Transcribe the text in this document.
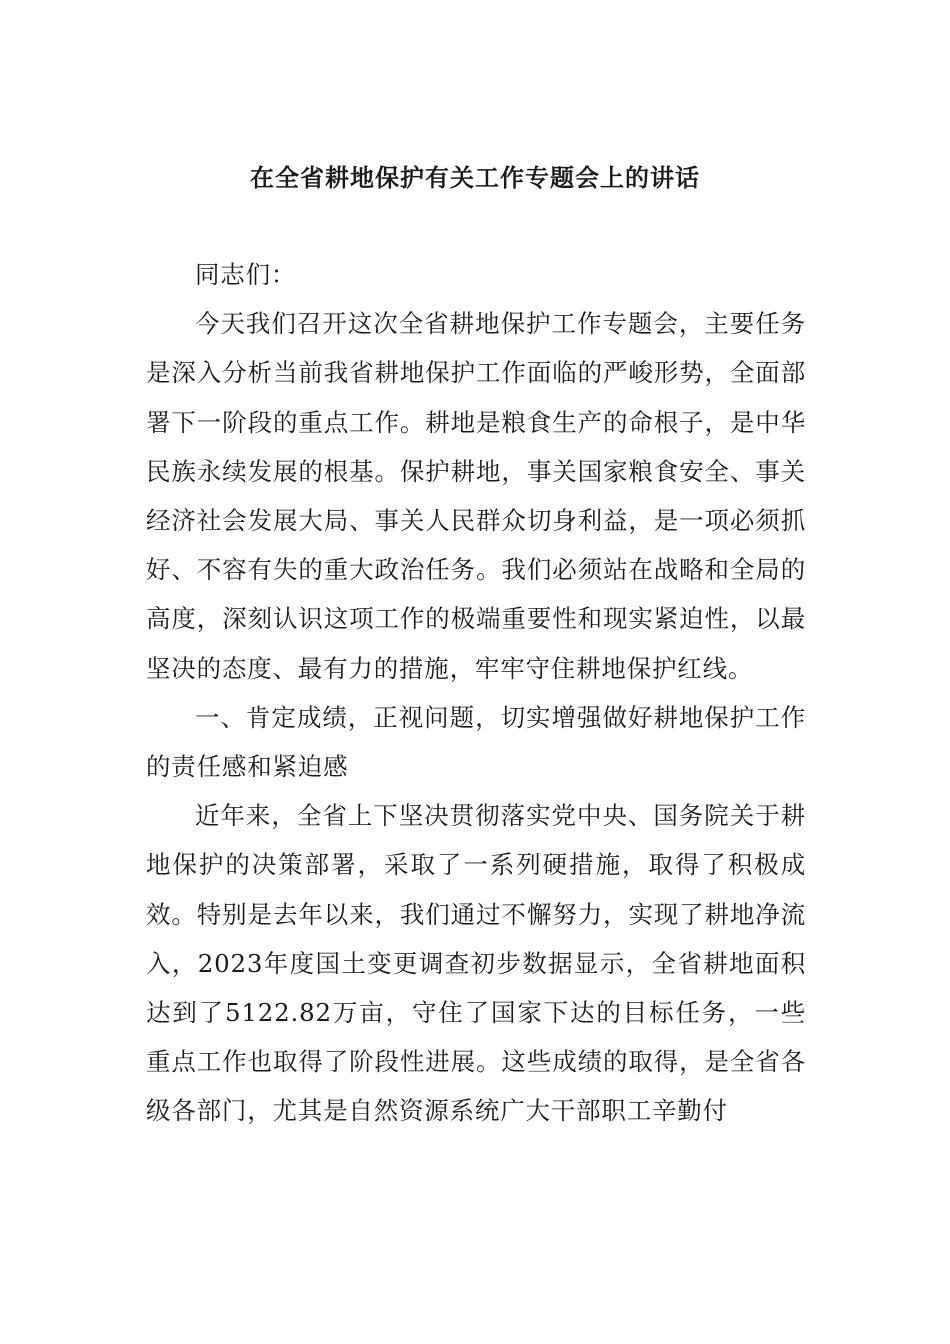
在全省耕地保护有关工作专题会上的讲话

同志们：

今天我们召开这次全省耕地保护工作专题会，主要任务是深入分析当前我省耕地保护工作面临的严峻形势，全面部署下一阶段的重点工作。耕地是粮食生产的命根子，是中华民族永续发展的根基。保护耕地，事关国家粮食安全、事关经济社会发展大局、事关人民群众切身利益，是一项必须抓好、不容有失的重大政治任务。我们必须站在战略和全局的高度，深刻认识这项工作的极端重要性和现实紧迫性，以最坚决的态度、最有力的措施，牢牢守住耕地保护红线。

一、肯定成绩，正视问题，切实增强做好耕地保护工作的责任感和紧迫感

近年来，全省上下坚决贯彻落实党中央、国务院关于耕地保护的决策部署，采取了一系列硬措施，取得了积极成效。特别是去年以来，我们通过不懈努力，实现了耕地净流入，2023年度国土变更调查初步数据显示，全省耕地面积达到了5122.82万亩，守住了国家下达的目标任务，一些重点工作也取得了阶段性进展。这些成绩的取得，是全省各级各部门，尤其是自然资源系统广大干部职工辛勤付
